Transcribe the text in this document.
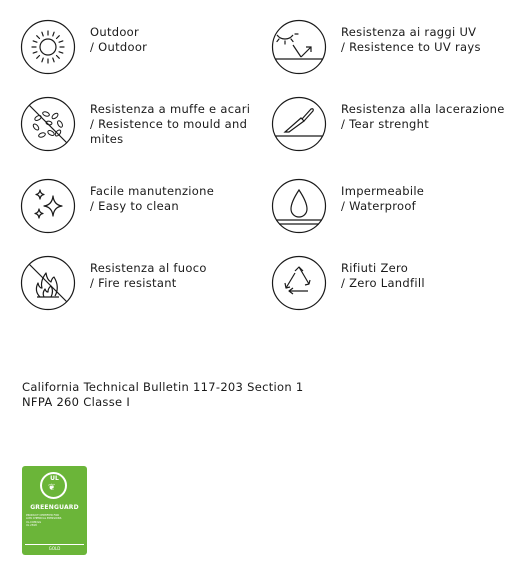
Outdoor
/ Outdoor
Resistenza ai raggi UV
/ Resistence to UV rays
Resistenza a muffe e acari
/ Resistence to mould and mites
Resistenza alla lacerazione
/ Tear strenght
Facile manutenzione
/ Easy to clean
Impermeabile
/ Waterproof
Resistenza al fuoco
/ Fire resistant
Rifiuti Zero
/ Zero Landfill
California Technical Bulletin 117-203 Section 1
NFPA 260 Classe I
UL
❦
GREENGUARD
PRODUCT CERTIFIED FOR
LOW CHEMICAL EMISSIONS
UL.COM/GG
UL 2818
GOLD
